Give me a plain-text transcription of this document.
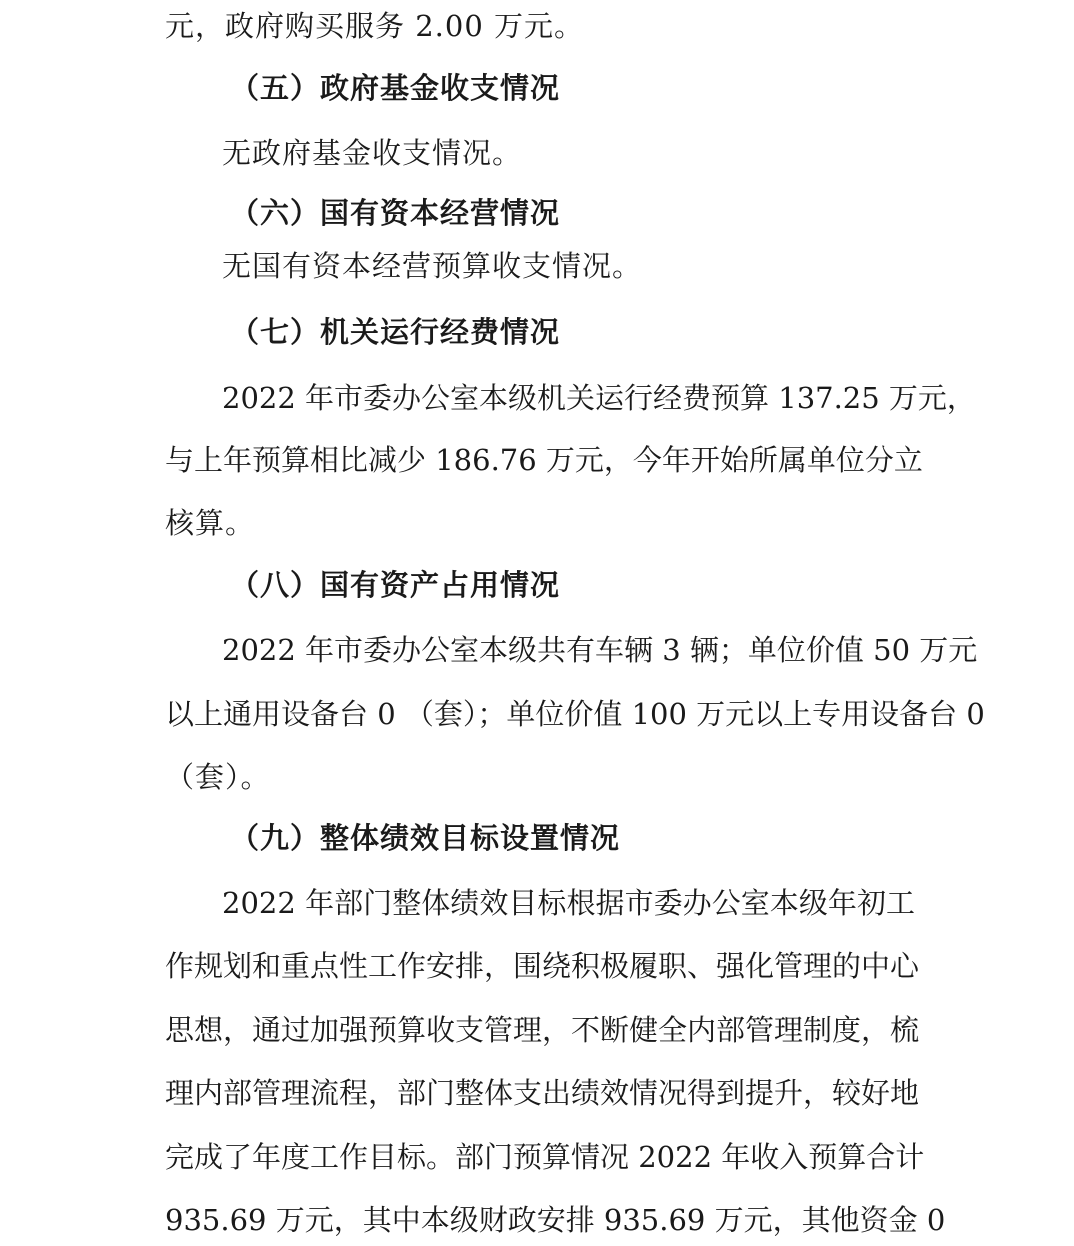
元，政府购买服务 2.00 万元。
（五）政府基金收支情况
无政府基金收支情况。
（六）国有资本经营情况
无国有资本经营预算收支情况。
（七）机关运行经费情况
2022 年市委办公室本级机关运行经费预算 137.25 万元，
与上年预算相比减少 186.76 万元，今年开始所属单位分立
核算。
（八）国有资产占用情况
2022 年市委办公室本级共有车辆 3 辆；单位价值 50 万元
以上通用设备台 0 （套）；单位价值 100 万元以上专用设备台 0
（套）。
（九）整体绩效目标设置情况
2022 年部门整体绩效目标根据市委办公室本级年初工
作规划和重点性工作安排，围绕积极履职、强化管理的中心
思想，通过加强预算收支管理，不断健全内部管理制度，梳
理内部管理流程，部门整体支出绩效情况得到提升，较好地
完成了年度工作目标。部门预算情况 2022 年收入预算合计
935.69 万元，其中本级财政安排 935.69 万元，其他资金 0
